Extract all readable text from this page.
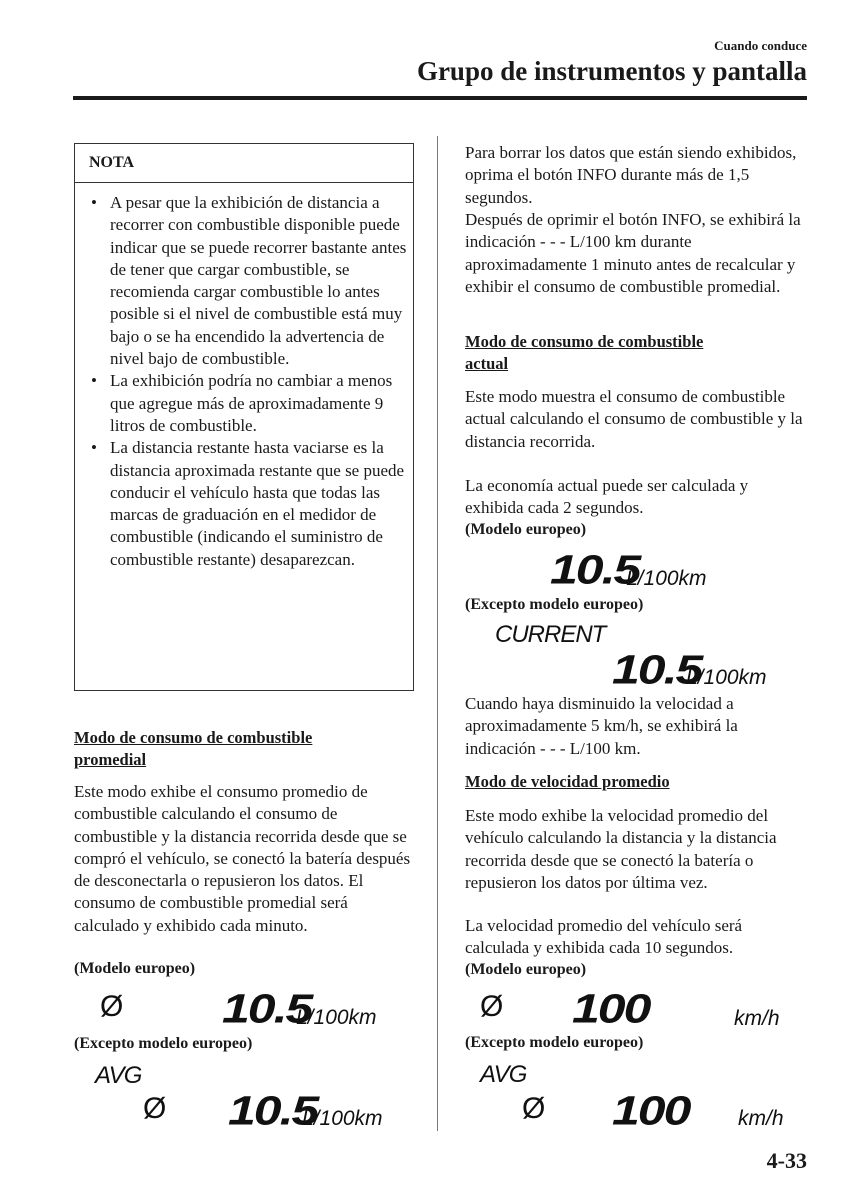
Cuando conduce
Grupo de instrumentos y pantalla
NOTA
• A pesar que la exhibición de distancia a recorrer con combustible disponible puede indicar que se puede recorrer bastante antes de tener que cargar combustible, se recomienda cargar combustible lo antes posible si el nivel de combustible está muy bajo o se ha encendido la advertencia de nivel bajo de combustible.
• La exhibición podría no cambiar a menos que agregue más de aproximadamente 9 litros de combustible.
• La distancia restante hasta vaciarse es la distancia aproximada restante que se puede conducir el vehículo hasta que todas las marcas de graduación en el medidor de combustible (indicando el suministro de combustible restante) desaparezcan.
Modo de consumo de combustible
promedial
Este modo exhibe el consumo promedio de combustible calculando el consumo de combustible y la distancia recorrida desde que se compró el vehículo, se conectó la batería después de desconectarla o repusieron los datos. El consumo de combustible promedial será calculado y exhibido cada minuto.
(Modelo europeo)
Ø 10.5
L/100km
(Excepto modelo europeo)
AVG
Ø 10.5
L/100km
Para borrar los datos que están siendo exhibidos, oprima el botón INFO durante más de 1,5 segundos.
Después de oprimir el botón INFO, se exhibirá la indicación - - - L/100 km durante aproximadamente 1 minuto antes de recalcular y exhibir el consumo de combustible promedial.
Modo de consumo de combustible
actual
Este modo muestra el consumo de combustible actual calculando el consumo de combustible y la distancia recorrida.
La economía actual puede ser calculada y exhibida cada 2 segundos.
(Modelo europeo)
10.5
L/100km
(Excepto modelo europeo)
CURRENT
10.5
L/100km
Cuando haya disminuido la velocidad a aproximadamente 5 km/h, se exhibirá la indicación - - - L/100 km.
Modo de velocidad promedio
Este modo exhibe la velocidad promedio del vehículo calculando la distancia y la distancia recorrida desde que se conectó la batería o repusieron los datos por última vez.
La velocidad promedio del vehículo será calculada y exhibida cada 10 segundos.
(Modelo europeo)
Ø 100	km/h
(Excepto modelo europeo)
AVG
Ø 100 km/h
4-33
